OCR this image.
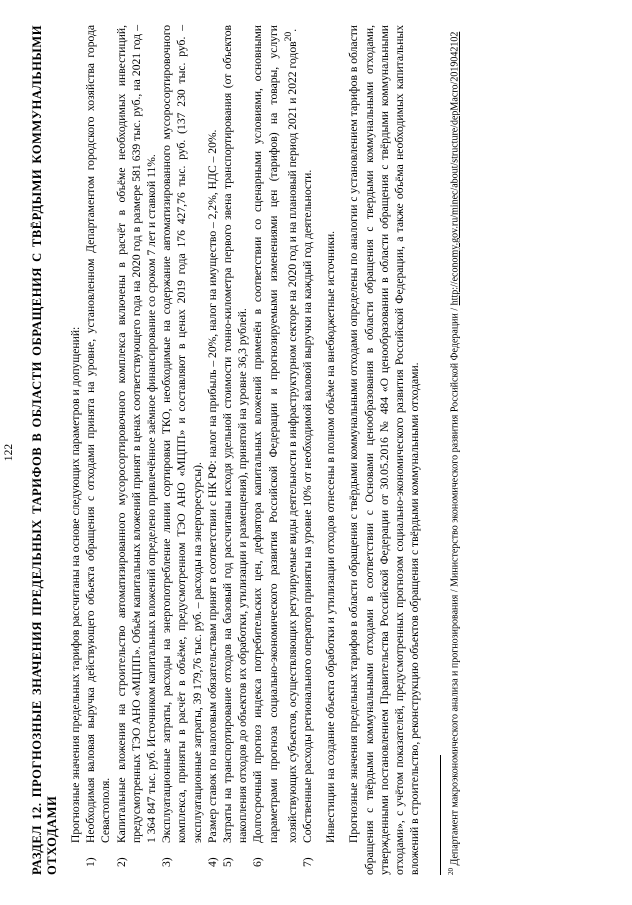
122 РАЗДЕЛ 12. ПРОГНОЗНЫЕ ЗНАЧЕНИЯ ПРЕДЕЛЬНЫХ ТАРИФОВ В ОБЛАСТИ ОБРАЩЕНИЯ С ТВЁРДЫМИ КОММУНАЛЬНЫМИ ОТХОДАМИ Прогнозные значения предельных тарифов рассчитаны на основе следующих параметров и допущений:

1)
Необходимая валовая выручка действующего объекта обращения с отходами принята на уровне, установленном Департаментом городского хозяйства города Севастополя.
2)
Капитальные вложения на строительство автоматизированного мусоросортировочного комплекса включены в расчёт в объёме необходимых инвестиций, предусмотренных ТЭО АНО «МЦПП». Объём капитальных вложений принят в ценах соответствующего года на 2020 год в размере 581 639 тыс. руб., на 2021 год – 1 364 847 тыс. руб. Источником капитальных вложений определено привлечённое заёмное финансирование со сроком 7 лет и ставкой 11%.
3)
Эксплуатационные затраты, расходы на энергопотребление линии сортировки ТКО, необходимые на содержание автоматизированного мусоросортировочного комплекса, приняты в расчёт в объёме, предусмотренном ТЭО АНО «МЦПП» и составляют в ценах 2019 года 176 427,76 тыс. руб. (137 230 тыс. руб. – эксплуатационные затраты, 39 179,76 тыс. руб. – расходы на энергоресурсы).
4)
Размер ставок по налоговым обязательствам принят в соответствии с НК РФ: налог на прибыль – 20%, налог на имущество – 2,2%, НДС – 20%.
5)
Затраты на транспортирование отходов на базовый год рассчитаны исходя удельной стоимости тонно-километра первого звена транспортирования (от объектов накопления отходов до объектов их обработки, утилизации и размещения), принятой на уровне 36,3 рублей.
6)
Долгосрочный прогноз индекса потребительских цен, дефлятора капитальных вложений применён в соответствии со сценарными условиями, основными параметрами прогноза социально-экономического развития Российской Федерации и прогнозируемыми изменениями цен (тарифов) на товары, услуги хозяйствующих субъектов, осуществляющих регулируемые виды деятельности в инфраструктурном секторе на 2020 год и на плановый период 2021 и 2022 годов$^{20}$.
7)
Собственные расходы регионального оператора приняты на уровне 10% от необходимой валовой выручки на каждый год деятельности. Инвестиции на создание объекта обработки и утилизации отходов отнесены в полном объёме на внебюджетные источники. Прогнозные значения предельных тарифов в области обращения с твёрдыми коммунальными отходами определены по аналогии с установлением тарифов в области обращения с твёрдыми коммунальными отходами в соответствии с Основами ценообразования в области обращения с твердыми коммунальными отходами, утвержденными постановлением Правительства Российской Федерации от 30.05.2016 № 484 «О ценообразовании в области обращения с твёрдыми коммунальными отходами», с учётом показателей, предусмотренных прогнозом социально-экономического развития Российской Федерации, а также объёма необходимых капитальных вложений в строительство, реконструкцию объектов обращения с твёрдыми коммунальными отходами.	$^{20}$ Департамент макроэкономического анализа и прогнозирования / Министерство экономического развития Российской Федерации / http://economy.gov.ru/minec/about/structure/depMacro/2019042102
